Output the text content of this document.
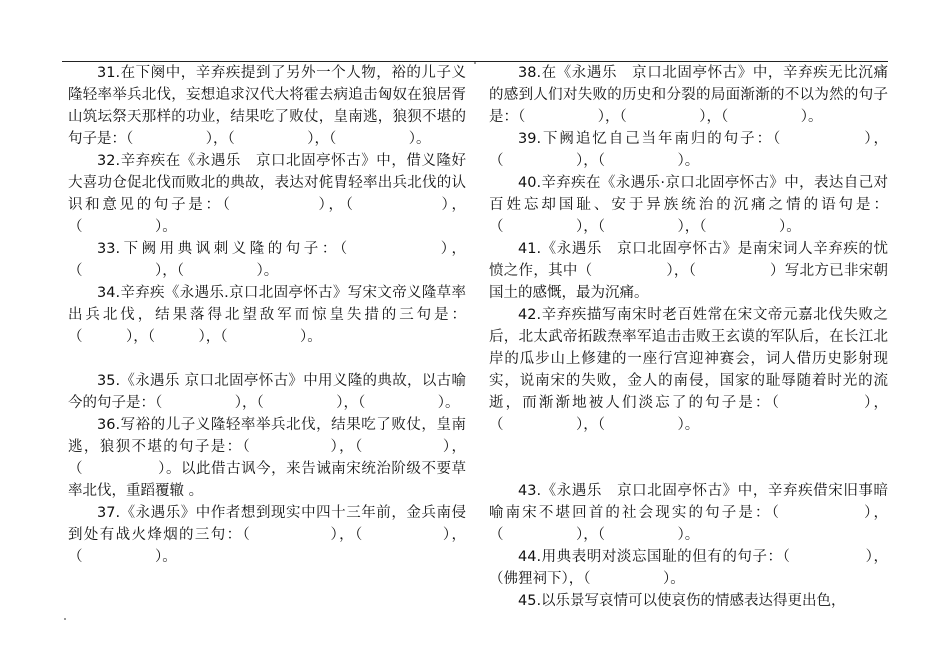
31.在下阕中，辛弃疾提到了另外一个人物，裕的儿子义隆轻率举兵北伐，妄想追求汉代大将霍去病追击匈奴在狼居胥山筑坛祭天那样的功业，结果吃了败仗，皇南逃，狼狈不堪的句子是：（　　　　　），（　　　　　），（　　　　　）。

32.辛弃疾在《永遇乐　京口北固亭怀古》中，借义隆好大喜功仓促北伐而败北的典故，表达对侂胄轻率出兵北伐的认识和意见的句子是：（　　　　　），（　　　　　），（　　　　　）。

33.下阙用典讽刺义隆的句子：（　　　　　），（　　　　　），（　　　　　）。

34.辛弃疾《永遇乐.京口北固亭怀古》写宋文帝义隆草率出兵北伐，结果落得北望敌军而惊皇失措的三句是：（　　　），（　　　），（　　　　　）。

35.《永遇乐 京口北固亭怀古》中用义隆的典故，以古喻今的句子是：（　　　　　），（　　　　　），（　　　　　）。

36.写裕的儿子义隆轻率举兵北伐，结果吃了败仗，皇南逃，狼狈不堪的句子是：（　　　　　），（　　　　　），（　　　　　）。以此借古讽今，来告诫南宋统治阶级不要草率北伐，重蹈覆辙 。

37.《永遇乐》中作者想到现实中四十三年前，金兵南侵到处有战火烽烟的三句：（　　　　　），（　　　　　），（　　　　　）。

38.在《永遇乐　京口北固亭怀古》中，辛弃疾无比沉痛的感到人们对失败的历史和分裂的局面渐渐的不以为然的句子是：（　　　　　），（　　　　　），（　　　　　）。

39.下阙追忆自己当年南归的句子：（　　　　　），（　　　　　），（　　　　　）。

40.辛弃疾在《永遇乐·京口北固亭怀古》中，表达自己对百姓忘却国耻、安于异族统治的沉痛之情的语句是：（　　　　　），（　　　　　），（　　　　　）。

41.《永遇乐　京口北固亭怀古》是南宋词人辛弃疾的忧愤之作，其中（　　　　　），（　　　　　）写北方已非宋朝国土的感慨，最为沉痛。

42.辛弃疾描写南宋时老百姓常在宋文帝元嘉北伐失败之后，北太武帝拓跋焘率军追击击败王玄谟的军队后，在长江北岸的瓜步山上修建的一座行宫迎神赛会，词人借历史影射现实，说南宋的失败，金人的南侵，国家的耻辱随着时光的流逝，而渐渐地被人们淡忘了的句子是：（　　　　　），（　　　　　），（　　　　　）。

43.《永遇乐　京口北固亭怀古》中，辛弃疾借宋旧事暗喻南宋不堪回首的社会现实的句子是：（　　　　　），（　　　　　），（　　　　　）。

44.用典表明对淡忘国耻的但有的句子：（　　　　　），（佛狸祠下），（　　　　　）。

45.以乐景写哀情可以使哀伤的情感表达得更出色，
